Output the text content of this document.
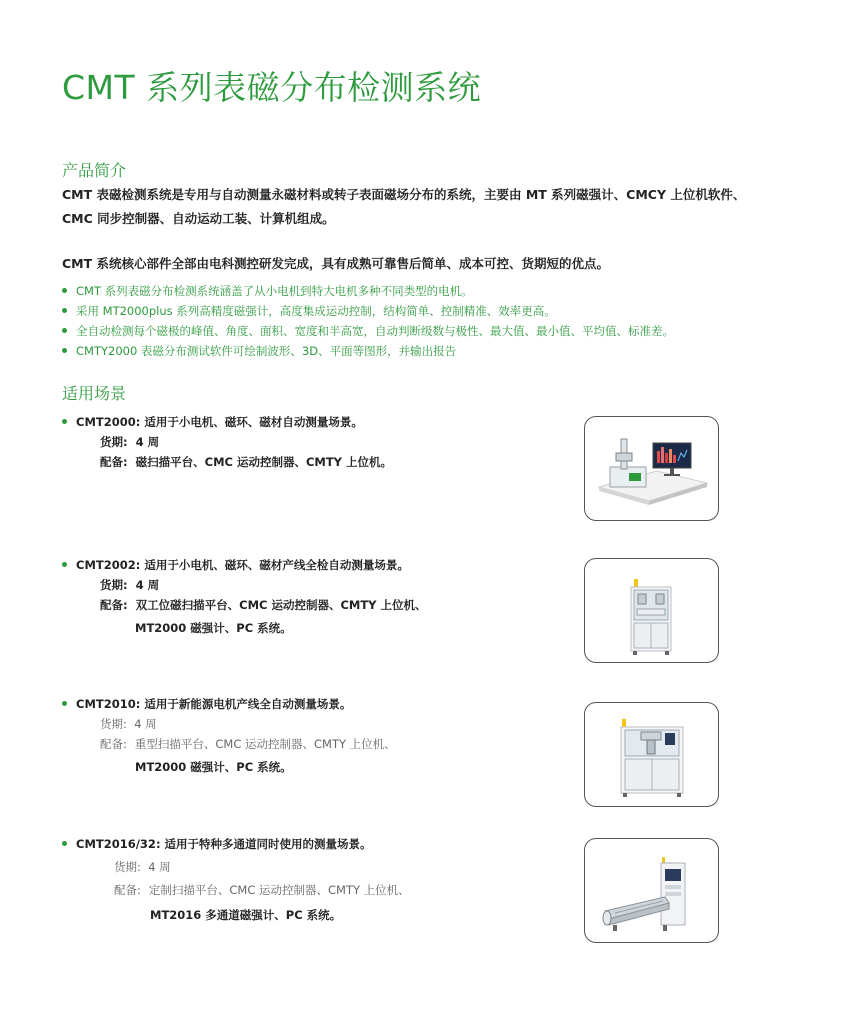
CMT 系列表磁分布检测系统
产品简介
CMT 表磁检测系统是专用与自动测量永磁材料或转子表面磁场分布的系统，主要由 MT 系列磁强计、CMCY 上位机软件、
CMC 同步控制器、自动运动工装、计算机组成。
CMT 系统核心部件全部由电科测控研发完成，具有成熟可靠售后简单、成本可控、货期短的优点。
CMT 系列表磁分布检测系统涵盖了从小电机到特大电机多种不同类型的电机。
采用 MT2000plus 系列高精度磁强计，高度集成运动控制，结构简单、控制精准、效率更高。
全自动检测每个磁极的峰值、角度、面积、宽度和半高宽，自动判断级数与极性、最大值、最小值、平均值、标准差。
CMTY2000 表磁分布测试软件可绘制波形、3D、平面等图形，并输出报告
适用场景
CMT2000: 适用于小电机、磁环、磁材自动测量场景。
货期: 4 周
配备: 磁扫描平台、CMC 运动控制器、CMTY 上位机。
CMT2002: 适用于小电机、磁环、磁材产线全检自动测量场景。
货期: 4 周
配备: 双工位磁扫描平台、CMC 运动控制器、CMTY 上位机、
MT2000 磁强计、PC 系统。
CMT2010: 适用于新能源电机产线全自动测量场景。
货期: 4 周
配备: 重型扫描平台、CMC 运动控制器、CMTY 上位机、
MT2000 磁强计、PC 系统。
CMT2016/32: 适用于特种多通道同时使用的测量场景。
货期: 4 周
配备: 定制扫描平台、CMC 运动控制器、CMTY 上位机、
MT2016 多通道磁强计、PC 系统。
